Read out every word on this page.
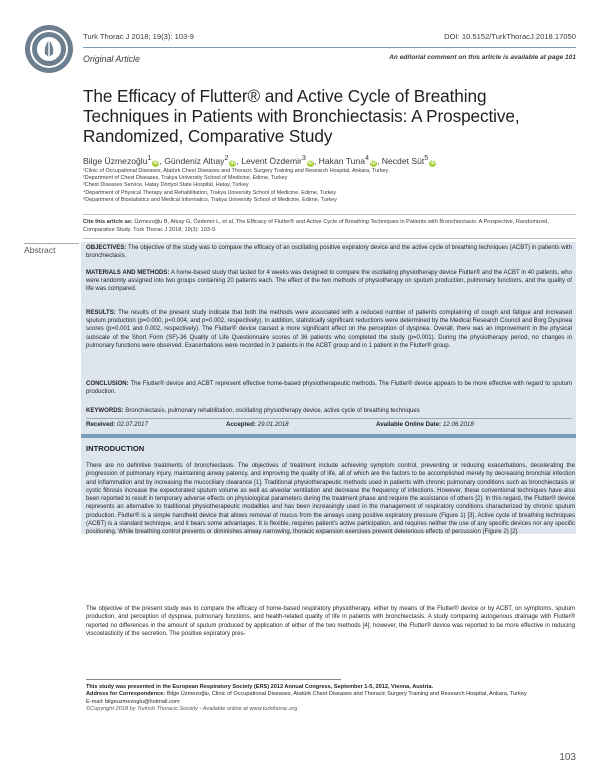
Turk Thorac J 2018; 19(3): 103-9	DOI: 10.5152/TurkThoracJ.2018.17050
Original Article	An editorial comment on this article is available at page 101
The Efficacy of Flutter® and Active Cycle of Breathing Techniques in Patients with Bronchiectasis: A Prospective, Randomized, Comparative Study
Bilge Üzmezoğlu$^1$iD, Gündeniz Altıay$^2$iD, Levent Özdemir$^3$iD, Hakan Tuna$^4$iD, Necdet Süt$^5$iD
¹Clinic of Occupational Diseases, Atatürk Chest Diseases and Thoracic Surgery Training and Research Hospital, Ankara, Turkey
²Department of Chest Diseases, Trakya University School of Medicine, Edirne, Turkey
³Chest Diseases Service, Hatay Dörtyol State Hospital, Hatay, Turkey
⁴Department of Physical Therapy and Rehabilitation, Trakya University School of Medicine, Edirne, Turkey
⁵Department of Biostatistics and Medical Informatics, Trakya University School of Medicine, Edirne, Turkey
Cite this article as: Üzmezoğlu B, Altıay G, Özdemir L, et al. The Efficacy of Flutter® and Active Cycle of Breathing Techniques in Patients with Bronchiectasis: A Prospective, Randomized, Comparative Study. Turk Thorac J 2018; 19(3): 103-9.
Abstract	OBJECTIVES: The objective of the study was to compare the efficacy of an oscillating positive expiratory device and the active cycle of breathing techniques (ACBT) in patients with bronchiectasis.

MATERIALS AND METHODS: A home-based study that lasted for 4 weeks was designed to compare the oscillating physiotherapy device Flutter® and the ACBT in 40 patients, who were randomly assigned into two groups containing 20 patients each. The effect of the two methods of physiotherapy on sputum production, pulmonary functions, and the quality of life was compared.

RESULTS: The results of the present study indicate that both the methods were associated with a reduced number of patients complaining of cough and fatigue and increased sputum production (p=0.000, p=0.004, and p=0.002, respectively). In addition, statistically significant reductions were determined by the Medical Research Council and Borg Dyspnea scores (p=0.001 and 0.002, respectively). The Flutter® device caused a more significant effect on the perception of dyspnea. Overall, there was an improvement in the physical subscale of the Short Form (SF)-36 Quality of Life Questionnaire scores of 36 patients who completed the study (p=0.001). During the physiotherapy period, no changes in pulmonary functions were observed. Exacerbations were recorded in 3 patients in the ACBT group and in 1 patient in the Flutter® group.

CONCLUSION: The Flutter® device and ACBT represent effective home-based physiotherapeutic methods. The Flutter® device appears to be more effective with regard to sputum production.

KEYWORDS: Bronchiectasis, pulmonary rehabilitation, oscillating physiotherapy device, active cycle of breathing techniques

Received: 02.07.2017	Accepted: 29.01.2018	Available Online Date: 12.06.2018
INTRODUCTION

There are no definitive treatments of bronchiectasis. The objectives of treatment include achieving symptom control, preventing or reducing exacerbations, decelerating the progression of pulmonary injury, maintaining airway patency, and improving the quality of life, all of which are the factors to be accomplished merely by decreasing bronchial infection and inflammation and by increasing the mucociliary clearance [1]. Traditional physiotherapeutic methods used in patients with chronic pulmonary conditions such as bronchiectasis or cystic fibrosis increase the expectorated sputum volume as well as alveolar ventilation and decrease the frequency of infections. However, these conventional techniques have also been reported to result in temporary adverse effects on physiological parameters during the treatment phase and require the assistance of others [2]. In this regard, the Flutter® device represents an alternative to traditional physiotherapeutic modalities and has been increasingly used in the management of respiratory conditions characterized by chronic sputum production. Flutter® is a simple handheld device that allows removal of mucus from the airways using positive expiratory pressure (Figure 1) [3]. Active cycle of breathing techniques (ACBT) is a standard technique, and it bears some advantages. It is flexible, requires patient's active participation, and requires neither the use of any specific devices nor any specific positioning. While breathing control prevents or diminishes airway narrowing, thoracic expansion exercises prevent deleterious effects of percussion (Figure 2) [2].

The objective of the present study was to compare the efficacy of home-based respiratory physiotherapy, either by means of the Flutter® device or by ACBT, on symptoms, sputum production, and perception of dyspnea, pulmonary functions, and health-related quality of life in patients with bronchiectasis. A study comparing autogenous drainage with Flutter® reported no differences in the amount of sputum produced by application of either of the two methods [4]; however, the Flutter® device was reported to be more effective in reducing viscoelasticity of the secretion. The positive expiratory pres-

This study was presented in the European Respiratory Society (ERS) 2012 Annual Congress, September 1-5, 2012, Vienna, Austria.
Address for Correspondence: Bilge Üzmezoğlu, Clinic of Occupational Diseases, Atatürk Chest Diseases and Thoracic Surgery Training and Research Hospital, Ankara, Turkey
E-mail: bilgeuzmezoglu@hotmail.com
©Copyright 2018 by Turkish Thoracic Society - Available online at www.turkthorac.org
103
